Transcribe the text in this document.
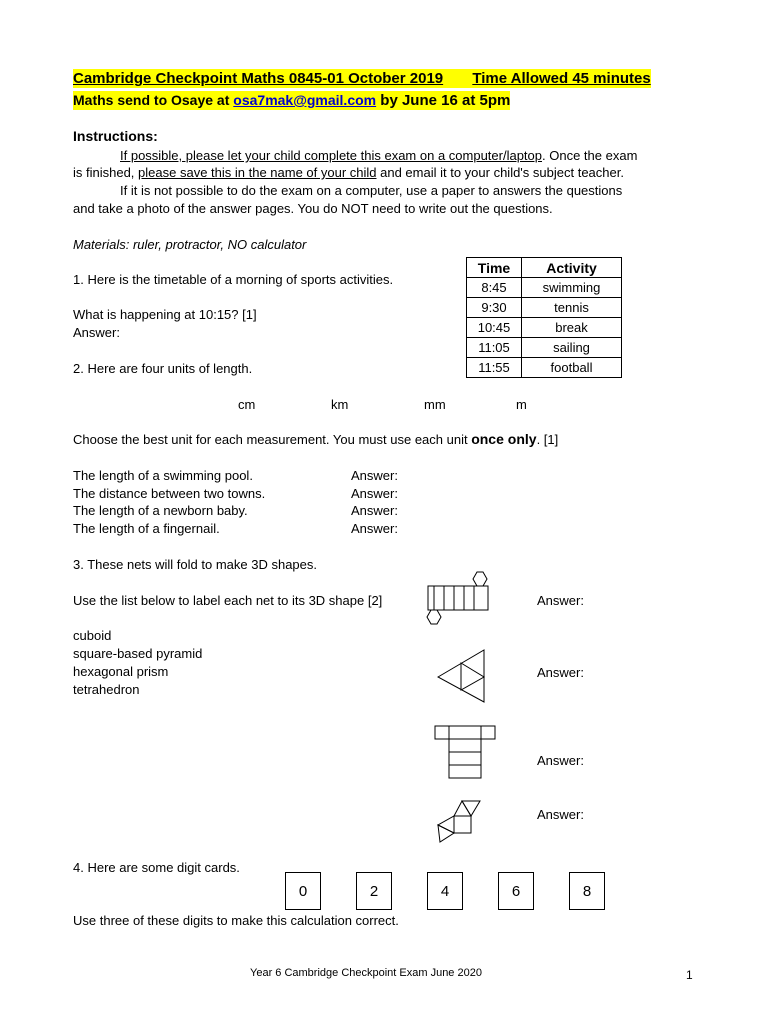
Cambridge Checkpoint Maths 0845-01 October 2019 Time Allowed 45 minutes
Maths send to Osaye at osa7mak@gmail.com by June 16 at 5pm
Instructions:
If possible, please let your child complete this exam on a computer/laptop. Once the exam
is finished, please save this in the name of your child and email it to your child's subject teacher.
If it is not possible to do the exam on a computer, use a paper to answers the questions
and take a photo of the answer pages. You do NOT need to write out the questions.
Materials: ruler, protractor, NO calculator
1. Here is the timetable of a morning of sports activities.
What is happening at 10:15? [1]
Answer:
Time	Activity
8:45	swimming
9:30	tennis
10:45	break
11:05	sailing
11:55	football
2. Here are four units of length.
cm	km	mm	m
Choose the best unit for each measurement. You must use each unit once only. [1]
The length of a swimming pool.	Answer:
The distance between two towns.	Answer:
The length of a newborn baby.	Answer:
The length of a fingernail.	Answer:
3. These nets will fold to make 3D shapes.
Use the list below to label each net to its 3D shape [2]
cuboid
square-based pyramid
hexagonal prism
tetrahedron
Answer:
Answer:
Answer:
Answer:
4. Here are some digit cards.
0	2	4	6	8
Use three of these digits to make this calculation correct.
Year 6 Cambridge Checkpoint Exam June 2020	1
